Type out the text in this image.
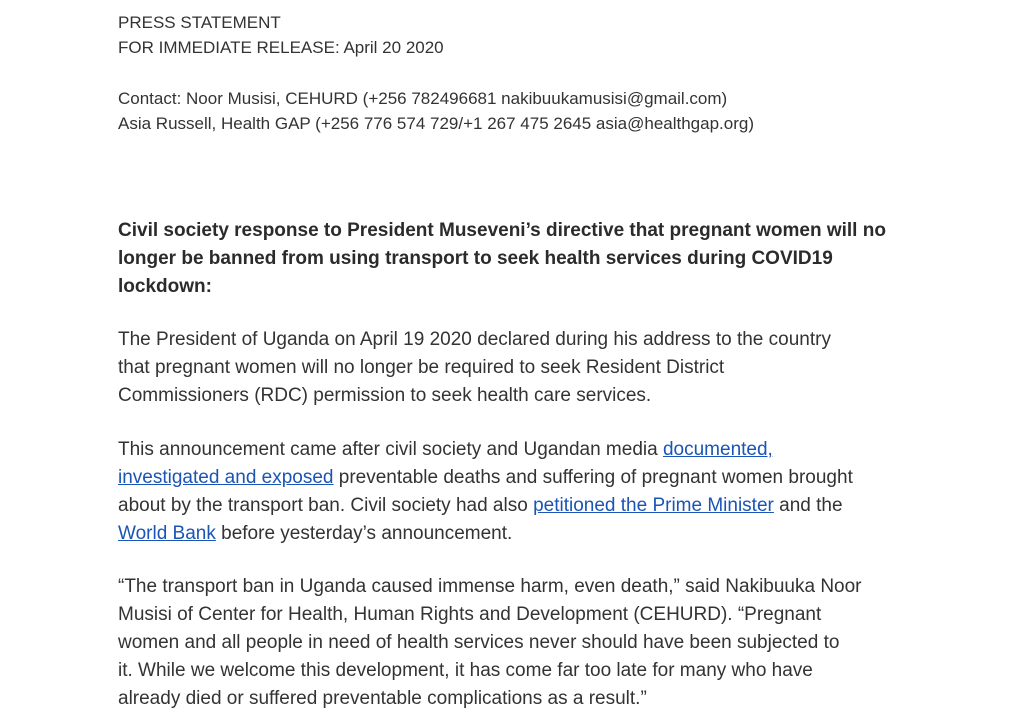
PRESS STATEMENT
FOR IMMEDIATE RELEASE: April 20 2020
Contact: Noor Musisi, CEHURD (+256 782496681 nakibuukamusisi@gmail.com)
Asia Russell, Health GAP (+256 776 574 729/+1 267 475 2645 asia@healthgap.org)
Civil society response to President Museveni’s directive that pregnant women will no
longer be banned from using transport to seek health services during COVID19
lockdown:
The President of Uganda on April 19 2020 declared during his address to the country
that pregnant women will no longer be required to seek Resident District
Commissioners (RDC) permission to seek health care services.
This announcement came after civil society and Ugandan media documented,
investigated and exposed preventable deaths and suffering of pregnant women brought
about by the transport ban. Civil society had also petitioned the Prime Minister and the
World Bank before yesterday’s announcement.
“The transport ban in Uganda caused immense harm, even death,” said Nakibuuka Noor
Musisi of Center for Health, Human Rights and Development (CEHURD). “Pregnant
women and all people in need of health services never should have been subjected to
it. While we welcome this development, it has come far too late for many who have
already died or suffered preventable complications as a result.”
